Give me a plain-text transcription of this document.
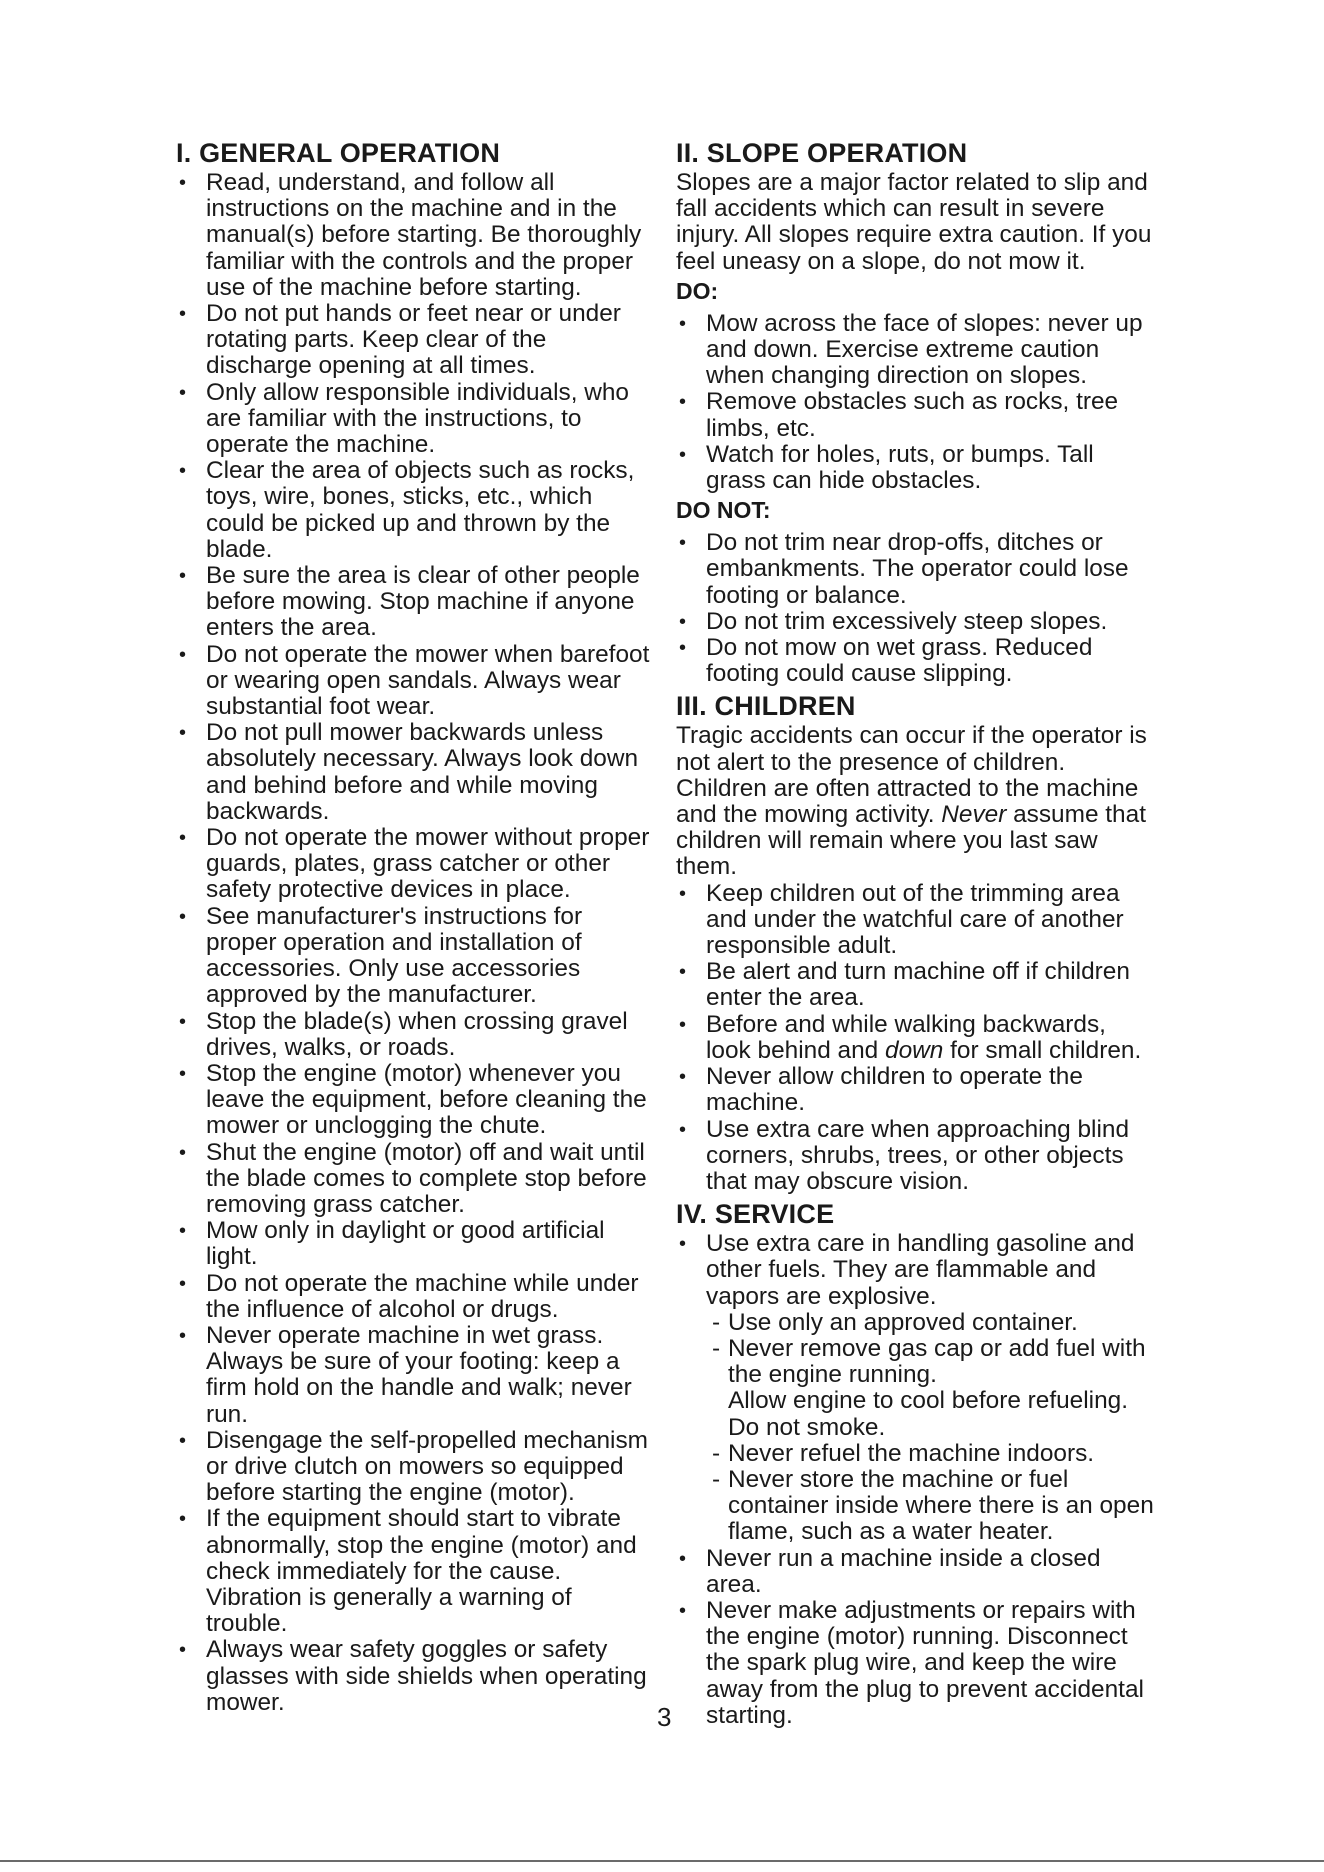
I. GENERAL OPERATION
• Read, understand, and follow all instructions on the machine and in the manual(s) before starting. Be thoroughly familiar with the controls and the proper use of the machine before starting.
• Do not put hands or feet near or under rotating parts. Keep clear of the discharge opening at all times.
• Only allow responsible individuals, who are familiar with the instructions, to operate the machine.
• Clear the area of objects such as rocks, toys, wire, bones, sticks, etc., which could be picked up and thrown by the blade.
• Be sure the area is clear of other people before mowing. Stop machine if anyone enters the area.
• Do not operate the mower when barefoot or wearing open sandals. Always wear substantial foot wear.
• Do not pull mower backwards unless absolutely necessary. Always look down and behind before and while moving backwards.
• Do not operate the mower without proper guards, plates, grass catcher or other safety protective devices in place.
• See manufacturer's instructions for proper operation and installation of accessories. Only use accessories approved by the manufacturer.
• Stop the blade(s) when crossing gravel drives, walks, or roads.
• Stop the engine (motor) whenever you leave the equipment, before cleaning the mower or unclogging the chute.
• Shut the engine (motor) off and wait until the blade comes to complete stop before removing grass catcher.
• Mow only in daylight or good artificial light.
• Do not operate the machine while under the influence of alcohol or drugs.
• Never operate machine in wet grass. Always be sure of your footing: keep a firm hold on the handle and walk; never run.
• Disengage the self-propelled mechanism or drive clutch on mowers so equipped before starting the engine (motor).
• If the equipment should start to vibrate abnormally, stop the engine (motor) and check immediately for the cause. Vibration is generally a warning of trouble.
• Always wear safety goggles or safety glasses with side shields when operating mower.
II. SLOPE OPERATION

Slopes are a major factor related to slip and fall accidents which can result in severe injury. All slopes require extra caution. If you feel uneasy on a slope, do not mow it.

DO:
• Mow across the face of slopes: never up and down. Exercise extreme caution when changing direction on slopes.
• Remove obstacles such as rocks, tree limbs, etc.
• Watch for holes, ruts, or bumps. Tall grass can hide obstacles.
DO NOT:
• Do not trim near drop-offs, ditches or embankments. The operator could lose footing or balance.
• Do not trim excessively steep slopes.
• Do not mow on wet grass. Reduced footing could cause slipping.
III. CHILDREN

Tragic accidents can occur if the operator is not alert to the presence of children. Children are often attracted to the machine and the mowing activity. Never assume that children will remain where you last saw them.

• Keep children out of the trimming area and under the watchful care of another responsible adult.
• Be alert and turn machine off if children enter the area.
• Before and while walking backwards, look behind and down for small children.
• Never allow children to operate the machine.
• Use extra care when approaching blind corners, shrubs, trees, or other objects that may obscure vision.
IV. SERVICE
• Use extra care in handling gasoline and other fuels. They are flammable and vapors are explosive.
- Use only an approved container.
- Never remove gas cap or add fuel with the engine running.
Allow engine to cool before refueling. Do not smoke.
- Never refuel the machine indoors.
- Never store the machine or fuel container inside where there is an open flame, such as a water heater.
• Never run a machine inside a closed area.
• Never make adjustments or repairs with the engine (motor) running. Disconnect the spark plug wire, and keep the wire away from the plug to prevent accidental starting.
3
